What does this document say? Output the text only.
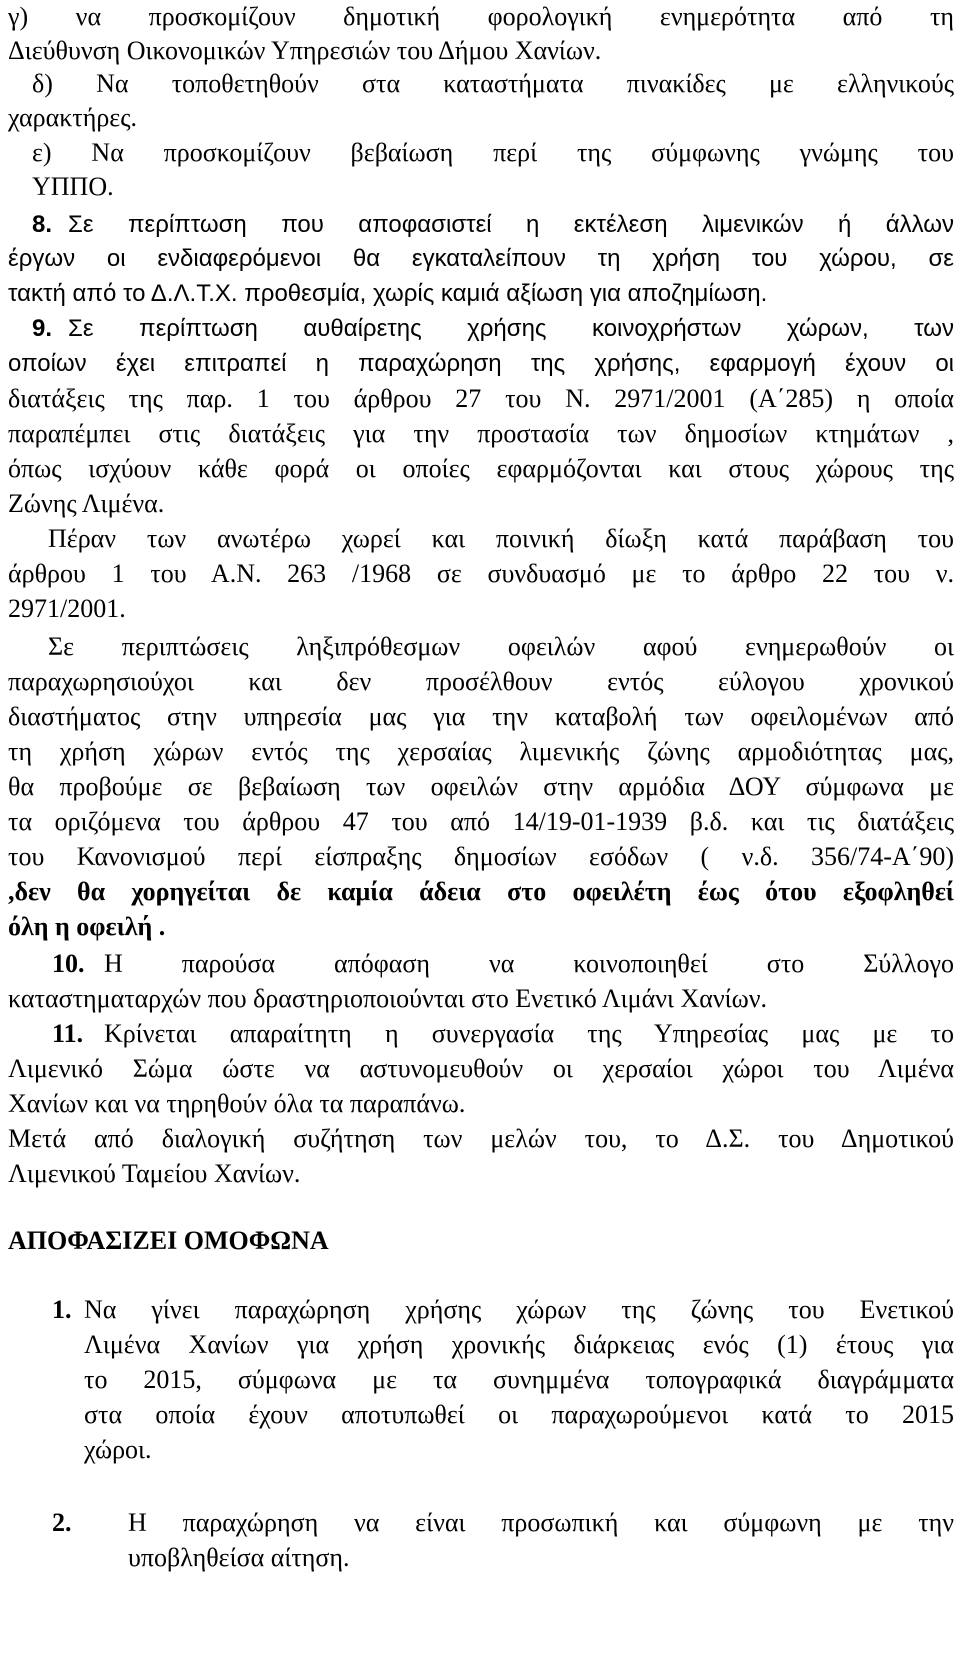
γ) να προσκομίζουν δημοτική φορολογική ενημερότητα από τη
Διεύθυνση Οικονομικών Υπηρεσιών του Δήμου Χανίων.
δ) Να τοποθετηθούν στα καταστήματα πινακίδες με ελληνικούς
χαρακτήρες.
ε) Να προσκομίζουν βεβαίωση περί της σύμφωνης γνώμης του
ΥΠΠΟ.
8. Σε περίπτωση που αποφασιστεί η εκτέλεση λιμενικών ή άλλων
έργων οι ενδιαφερόμενοι θα εγκαταλείπουν τη χρήση του χώρου, σε
τακτή από το Δ.Λ.Τ.Χ. προθεσμία, χωρίς καμιά αξίωση για αποζημίωση.
9. Σε περίπτωση αυθαίρετης χρήσης κοινοχρήστων χώρων, των
οποίων έχει επιτραπεί η παραχώρηση της χρήσης, εφαρμογή έχουν οι
διατάξεις της παρ. 1 του άρθρου 27 του Ν. 2971/2001 (Α΄285) η οποία
παραπέμπει στις διατάξεις για την προστασία των δημοσίων κτημάτων ,
όπως ισχύουν κάθε φορά οι οποίες εφαρμόζονται και στους χώρους της
Ζώνης Λιμένα.
Πέραν των ανωτέρω χωρεί και ποινική δίωξη κατά παράβαση του
άρθρου 1 του Α.Ν. 263 /1968 σε συνδυασμό με το άρθρο 22 του ν.
2971/2001.
Σε περιπτώσεις ληξιπρόθεσμων οφειλών αφού ενημερωθούν οι
παραχωρησιούχοι και δεν προσέλθουν εντός εύλογου χρονικού
διαστήματος στην υπηρεσία μας για την καταβολή των οφειλομένων από
τη χρήση χώρων εντός της χερσαίας λιμενικής ζώνης αρμοδιότητας μας,
θα προβούμε σε βεβαίωση των οφειλών στην αρμόδια ΔΟΥ σύμφωνα με
τα οριζόμενα του άρθρου 47 του από 14/19-01-1939 β.δ. και τις διατάξεις
του Κανονισμού περί είσπραξης δημοσίων εσόδων ( ν.δ. 356/74-Α΄90)
,δεν θα χορηγείται δε καμία άδεια στο οφειλέτη έως ότου εξοφληθεί
όλη η οφειλή .
10. Η παρούσα απόφαση να κοινοποιηθεί στο Σύλλογο
καταστηματαρχών που δραστηριοποιούνται στο Ενετικό Λιμάνι Χανίων.
11. Κρίνεται απαραίτητη η συνεργασία της Υπηρεσίας μας με το
Λιμενικό Σώμα ώστε να αστυνομευθούν οι χερσαίοι χώροι του Λιμένα
Χανίων και να τηρηθούν όλα τα παραπάνω.
Μετά από διαλογική συζήτηση των μελών του, το Δ.Σ. του Δημοτικού
Λιμενικού Ταμείου Χανίων.
ΑΠΟΦΑΣΙΖΕΙ ΟΜΟΦΩΝΑ
1. Να γίνει παραχώρηση χρήσης χώρων της ζώνης του Ενετικού
Λιμένα Χανίων για χρήση χρονικής διάρκειας ενός (1) έτους για
το 2015, σύμφωνα με τα συνημμένα τοπογραφικά διαγράμματα
στα οποία έχουν αποτυπωθεί οι παραχωρούμενοι κατά το 2015
χώροι.
2.	Η παραχώρηση να είναι προσωπική και σύμφωνη με την
υποβληθείσα αίτηση.
